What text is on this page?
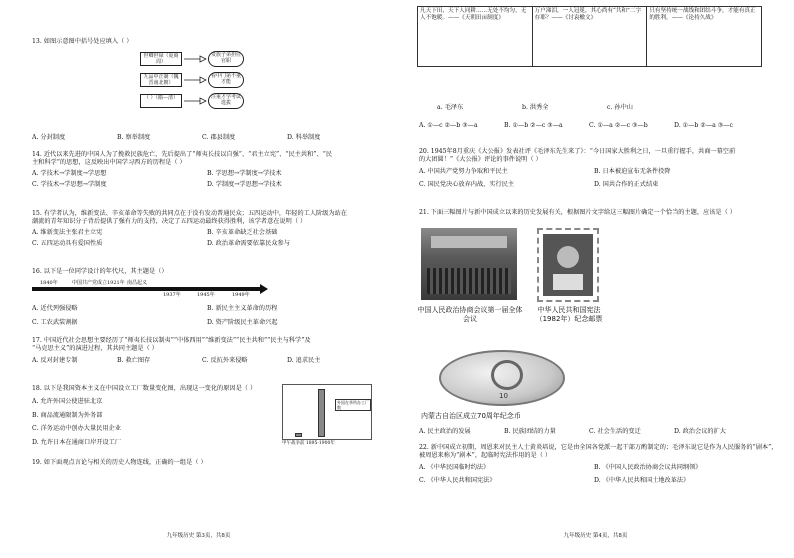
13. 如图示意图中括号处应填入（ ）
世卿世禄（夏商周）
九品中正制（魏晋南北朝）
（ ）（隋—清）
贵族子弟担任官职
看中门第不重才能
注重才学考试选拔
A. 分封制度	B. 察举制度	C. 郡县制度	D. 科举制度
14. 近代以来先进的中国人为了挽救民族危亡，先后提出了“师夷长技以自强”、“君主立宪”、“民主共和”、“民
主和科学”的思想，这反映出中国学习西方的历程是（ ）
A. 学技术→学制度→学思想	B. 学思想→学制度→学技术
C. 学技术→学思想→学制度	D. 学制度→学思想→学技术
15. 有学者认为，维新变法、辛亥革命等失败的共同点在于没有发动普通民众；五四运动中，年轻的工人阶级为站在
潮流的青年知识分子背后提供了强有力的支持，决定了五四运动最终获得胜利，该学者意在说明（ ）
A. 维新变法主张君主立宪	B. 辛亥革命缺乏社会基础
C. 五四运动具有爱国性质	D. 政治革命需要依靠民众参与
16. 以下是一位同学设计的年代尺，其主题是（）
1840年	中国共产党成立1921年 南昌起义
1937年	1945年	1949年
A. 近代列强侵略	B. 新民主主义革命的历程
C. 工农武装割据	D. 资产阶级民主革命兴起
17. 中国近代社会思想主要经历了“师夷长技以制夷”“中体西用”“维新变法”“民主共和”“民主与科学”及
“马克思主义”的演进过程，其共同主题是（ ）
A. 反对封建专制	B. 救亡图存	C. 反抗外来侵略	D. 追求民主
18. 以下是我国资本主义在中国设立工厂数量变化图，出现这一变化的原因是（ ）
A. 允许外国公使进驻北京
B. 商品流通限制为外务部
C. 洋务运动中创办大量民用企业
D. 允许日本在通商口岸开设工厂
外国在华所办工厂数
甲午战争前 1895-1900年
19. 如下面观点言论与相关的历史人物连线，正确的一组是（ ）
九年级历史 第3页，共8页
凡天下田，天下人同耕……无处不均匀，无人不饱暖。——《天朝田亩制度》	万户涕泪，一人冠冕，其心尚有“共和”二字存耶？——《讨袁檄文》	只有坚持统一战线和团结斗争，才能有真正的胜利。——《论持久战》
a. 毛泽东	b. 洪秀全	c. 孙中山
A. ①—c ②—b ③—a	B. ①—b ②—c ③—a	C. ①—a ②—c ③—b	D. ①—b ②—a ③—c
20. 1945年8月重庆《大公报》发表社评《毛泽东先生来了》：“今日国家大胜利之日，一旦重行握手，共商一幕空前
的大团圆！”《大公报》评论的事件说明（ ）
A. 中国共产党努力争取和平民主	B. 日本被迫宣布无条件投降
C. 国民党决心放弃内战，实行民主	D. 国共合作的正式结束
21. 下面三幅图片与新中国成立以来的历史发展有关，根据图片文字给这三幅图片确定一个恰当的主题，应该是（ ）
中国人民政治协商会议第一届全体会议
中华人民共和国宪法（1982年）纪念邮票
10
内蒙古自治区成立70周年纪念币
A. 民主政治的发展	B. 民族团结的力量	C. 社会生活的变迁	D. 政治会议的扩大
22. 新中国成立初期，周恩来对民主人士黄炎培说，它是由全国各党派一起干部万酌制定的；毛泽东说它是作为人民服务的“剧本”，
被周恩来称为“剧本”，起临时宪法作用的是（ ）
A. 《中华民国临时约法》	B. 《中国人民政治协商会议共同纲领》
C. 《中华人民共和国宪法》	D. 《中华人民共和国土地改革法》
九年级历史 第4页，共8页
